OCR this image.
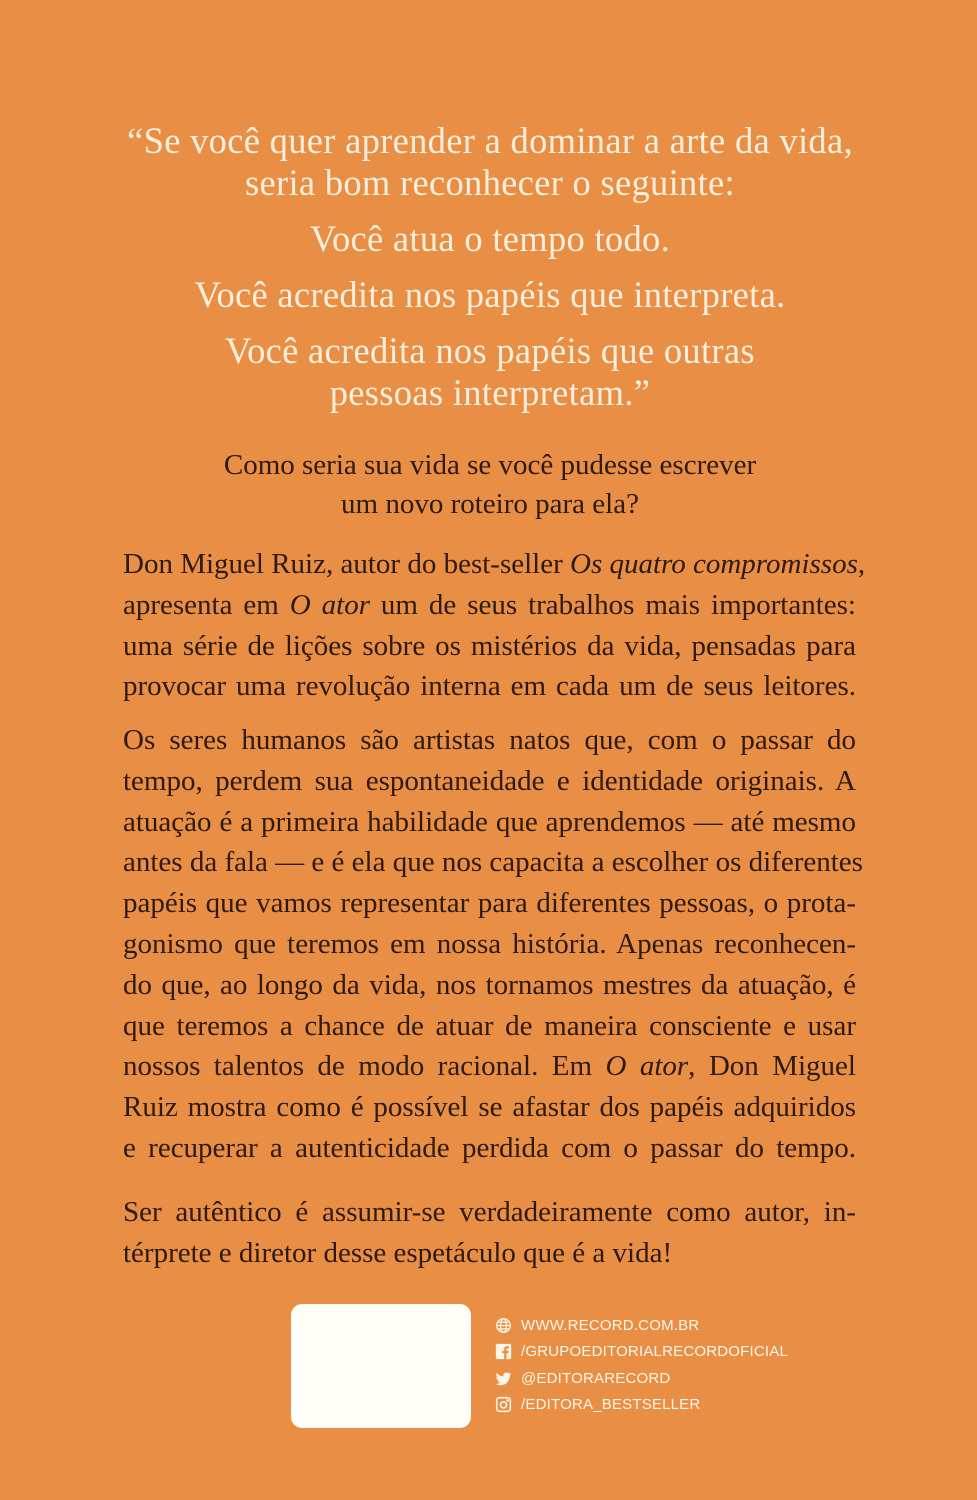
“Se você quer aprender a dominar a arte da vida,
seria bom reconhecer o seguinte:
Você atua o tempo todo.
Você acredita nos papéis que interpreta.
Você acredita nos papéis que outras
pessoas interpretam.”
Como seria sua vida se você pudesse escrever
um novo roteiro para ela?
Don Miguel Ruiz, autor do best-seller Os quatro compromissos,
apresenta em O ator um de seus trabalhos mais importantes:
uma série de lições sobre os mistérios da vida, pensadas para
provocar uma revolução interna em cada um de seus leitores.
Os seres humanos são artistas natos que, com o passar do
tempo, perdem sua espontaneidade e identidade originais. A
atuação é a primeira habilidade que aprendemos — até mesmo
antes da fala — e é ela que nos capacita a escolher os diferentes
papéis que vamos representar para diferentes pessoas, o prota-
gonismo que teremos em nossa história. Apenas reconhecen-
do que, ao longo da vida, nos tornamos mestres da atuação, é
que teremos a chance de atuar de maneira consciente e usar
nossos talentos de modo racional. Em O ator, Don Miguel
Ruiz mostra como é possível se afastar dos papéis adquiridos
e recuperar a autenticidade perdida com o passar do tempo.
Ser autêntico é assumir-se verdadeiramente como autor, in-
térprete e diretor desse espetáculo que é a vida!
WWW.RECORD.COM.BR
/GRUPOEDITORIALRECORDOFICIAL
@EDITORARECORD
/EDITORA_BESTSELLER
